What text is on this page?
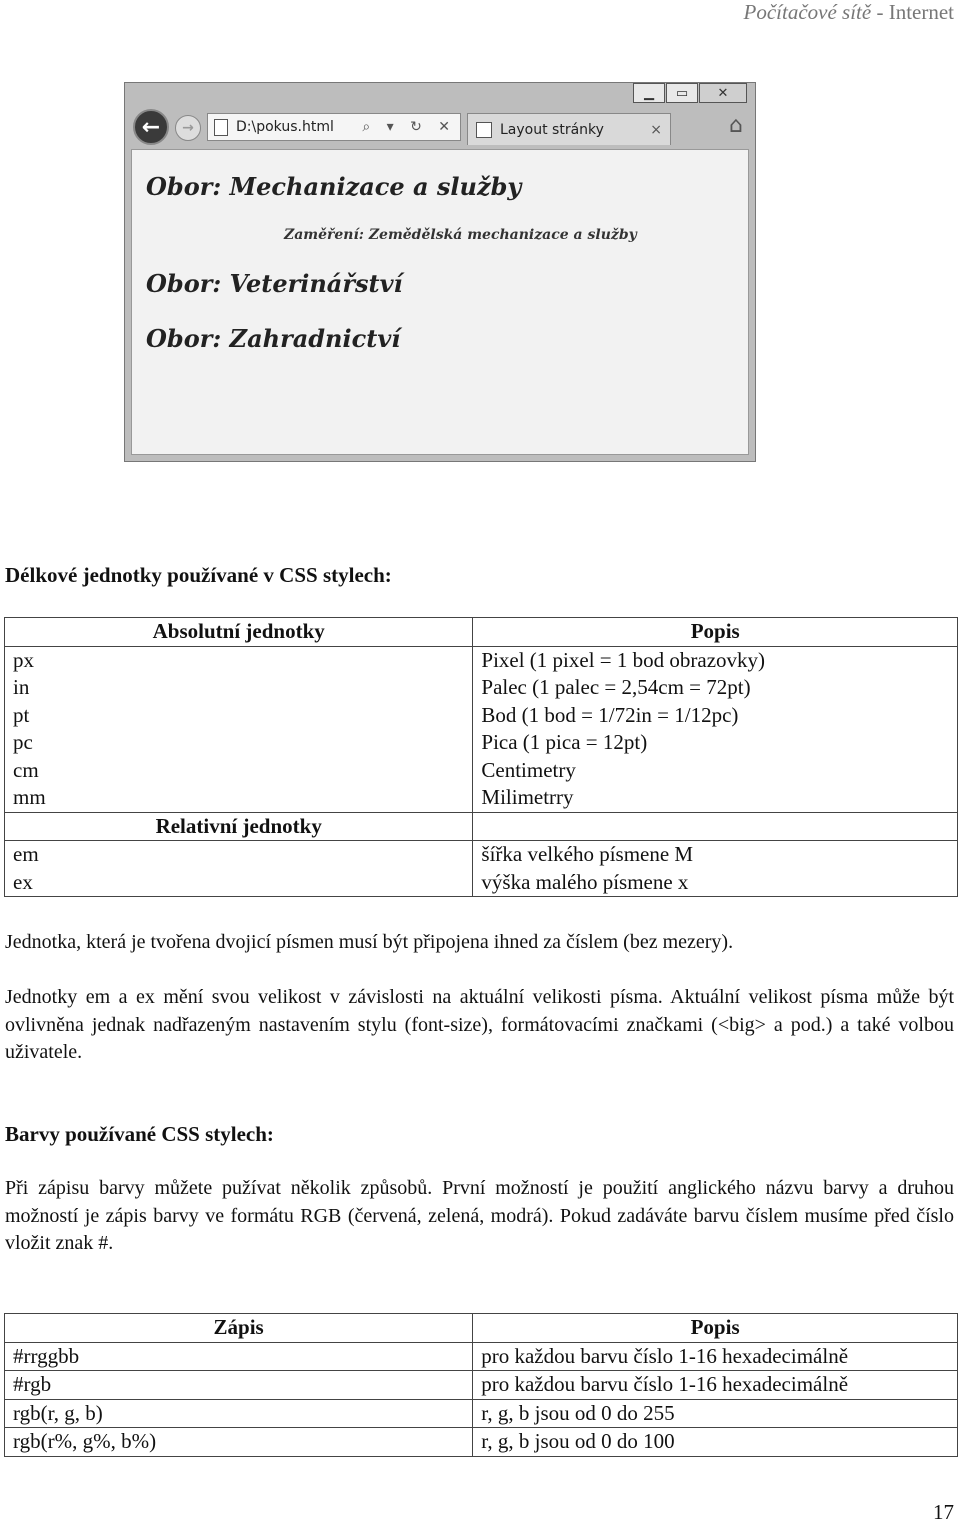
Počítačové sítě - Internet
▁	▭	✕
←	→	D:\pokus.html ⌕ ▾ ↻ ✕	Layout stránky	×	⌂
Obor: Mechanizace a služby
Zaměření: Zemědělská mechanizace a služby
Obor: Veterinářství
Obor: Zahradnictví
Délkové jednotky používané v CSS stylech:
Absolutní jednotky	Popis
px	Pixel (1 pixel = 1 bod obrazovky)
in	Palec (1 palec = 2,54cm = 72pt)
pt	Bod (1 bod = 1/72in = 1/12pc)
pc	Pica (1 pica = 12pt)
cm	Centimetry
mm	Milimetrry
Relativní jednotky	
em	šířka velkého písmene M
ex	výška malého písmene x

Jednotka, která je tvořena dvojicí písmen musí být připojena ihned za číslem (bez mezery).

Jednotky em a ex mění svou velikost v závislosti na aktuální velikosti písma. Aktuální velikost písma může být ovlivněna jednak nadřazeným nastavením stylu (font-size), formátovacími značkami (<big> a pod.) a také volbou uživatele.

Barvy používané CSS stylech:

Při zápisu barvy můžete pužívat několik způsobů. První možností je použití anglického názvu barvy a druhou možností je zápis barvy ve formátu RGB (červená, zelená, modrá). Pokud zadáváte barvu číslem musíme před číslo vložit znak #.

Zápis	Popis
#rrggbb	pro každou barvu číslo 1-16 hexadecimálně
#rgb	pro každou barvu číslo 1-16 hexadecimálně
rgb(r, g, b)	r, g, b jsou od 0 do 255
rgb(r%, g%, b%)	r, g, b jsou od 0 do 100
17
